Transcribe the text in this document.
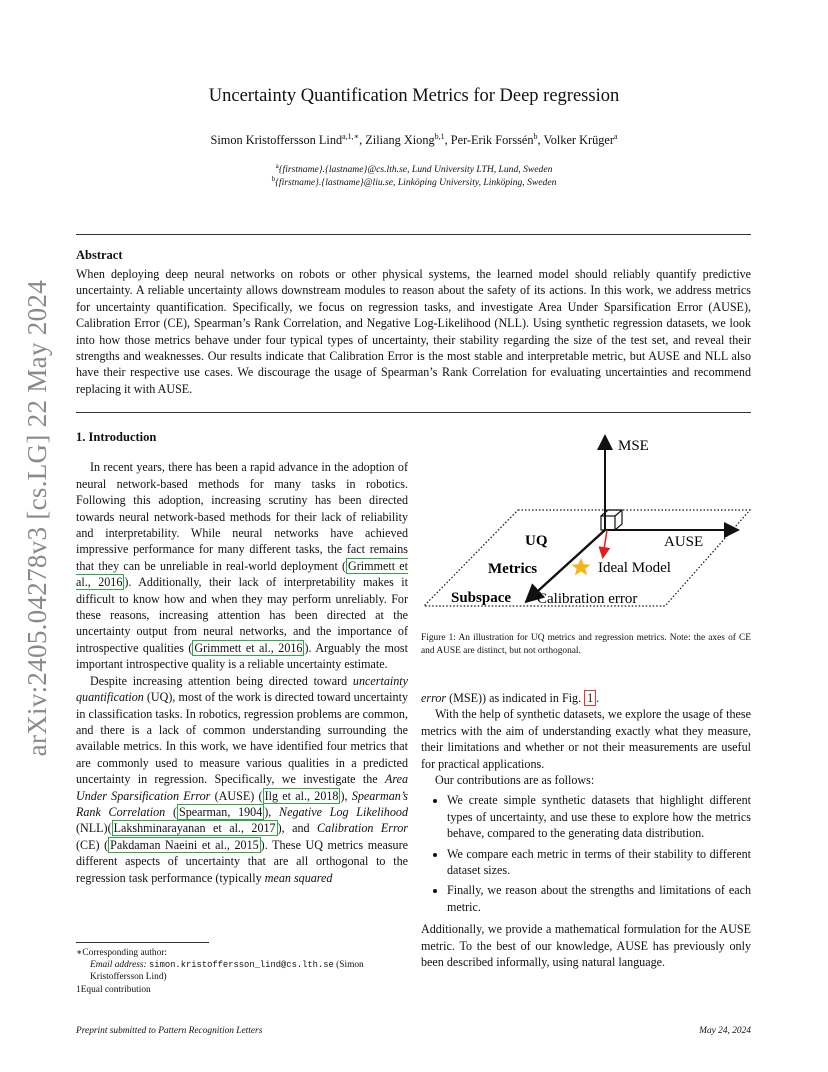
arXiv:2405.04278v3 [cs.LG] 22 May 2024
Uncertainty Quantification Metrics for Deep regression
Simon Kristoffersson Lind$^{a,1,∗}$, Ziliang Xiong$^{b,1}$, Per-Erik Forssén$^b$, Volker Krüger$^a$
$^a${firstname}.{lastname}@cs.lth.se, Lund University LTH, Lund, Sweden
$^b${firstname}.{lastname}@liu.se, Linköping University, Linköping, Sweden
Abstract
When deploying deep neural networks on robots or other physical systems, the learned model should reliably quantify predictive uncertainty. A reliable uncertainty allows downstream modules to reason about the safety of its actions. In this work, we address metrics for uncertainty quantification. Specifically, we focus on regression tasks, and investigate Area Under Sparsification Error (AUSE), Calibration Error (CE), Spearman’s Rank Correlation, and Negative Log-Likelihood (NLL). Using synthetic regression datasets, we look into how those metrics behave under four typical types of uncertainty, their stability regarding the size of the test set, and reveal their strengths and weaknesses. Our results indicate that Calibration Error is the most stable and interpretable metric, but AUSE and NLL also have their respective use cases. We discourage the usage of Spearman’s Rank Correlation for evaluating uncertainties and recommend replacing it with AUSE.
1. Introduction

In recent years, there has been a rapid advance in the adoption of neural network-based methods for many tasks in robotics. Following this adoption, increasing scrutiny has been directed towards neural network-based methods for their lack of reliability and interpretability. While neural networks have achieved impressive performance for many different tasks, the fact remains that they can be unreliable in real-world deployment ( Grimmett et al., 2016 ). Additionally, their lack of interpretability makes it difficult to know how and when they may perform unreliably. For these reasons, increasing attention has been directed at the uncertainty output from neural networks, and the importance of introspective qualities ( Grimmett et al., 2016 ). Arguably the most important introspective quality is a reliable uncertainty estimate.

Despite increasing attention being directed toward uncertainty quantification (UQ), most of the work is directed toward uncertainty in classification tasks. In robotics, regression problems are common, and there is a lack of common understanding surrounding the available metrics. In this work, we have identified four metrics that are commonly used to measure various qualities in a predicted uncertainty in regression. Specifically, we investigate the Area Under Sparsification Error (AUSE) ( Ilg et al., 2018 ), Spearman’s Rank Correlation ( Spearman, 1904 ), Negative Log Likelihood (NLL)( Lakshminarayanan et al., 2017 ), and Calibration Error (CE) ( Pakdaman Naeini et al., 2015 ). These UQ metrics measure different aspects of uncertainty that are all orthogonal to the regression task performance (typically mean squared

MSE
AUSE
UQ
Metrics	Ideal Model
Subspace Calibration error
Figure 1: An illustration for UQ metrics and regression metrics. Note: the axes of CE and AUSE are distinct, but not orthogonal.

error (MSE)) as indicated in Fig. 1 .

With the help of synthetic datasets, we explore the usage of these metrics with the aim of understanding exactly what they measure, their limitations and whether or not their measurements are useful for practical applications.

Our contributions are as follows:

• We create simple synthetic datasets that highlight different types of uncertainty, and use these to explore how the metrics behave, compared to the generating data distribution.
• We compare each metric in terms of their stability to different dataset sizes.
• Finally, we reason about the strengths and limitations of each metric.

Additionally, we provide a mathematical formulation for the AUSE metric. To the best of our knowledge, AUSE has previously only been described informally, using natural language.

∗Corresponding author:
Email address: simon.kristoffersson_lind@cs.lth.se (Simon Kristoffersson Lind)
1Equal contribution
Preprint submitted to Pattern Recognition Letters	May 24, 2024
